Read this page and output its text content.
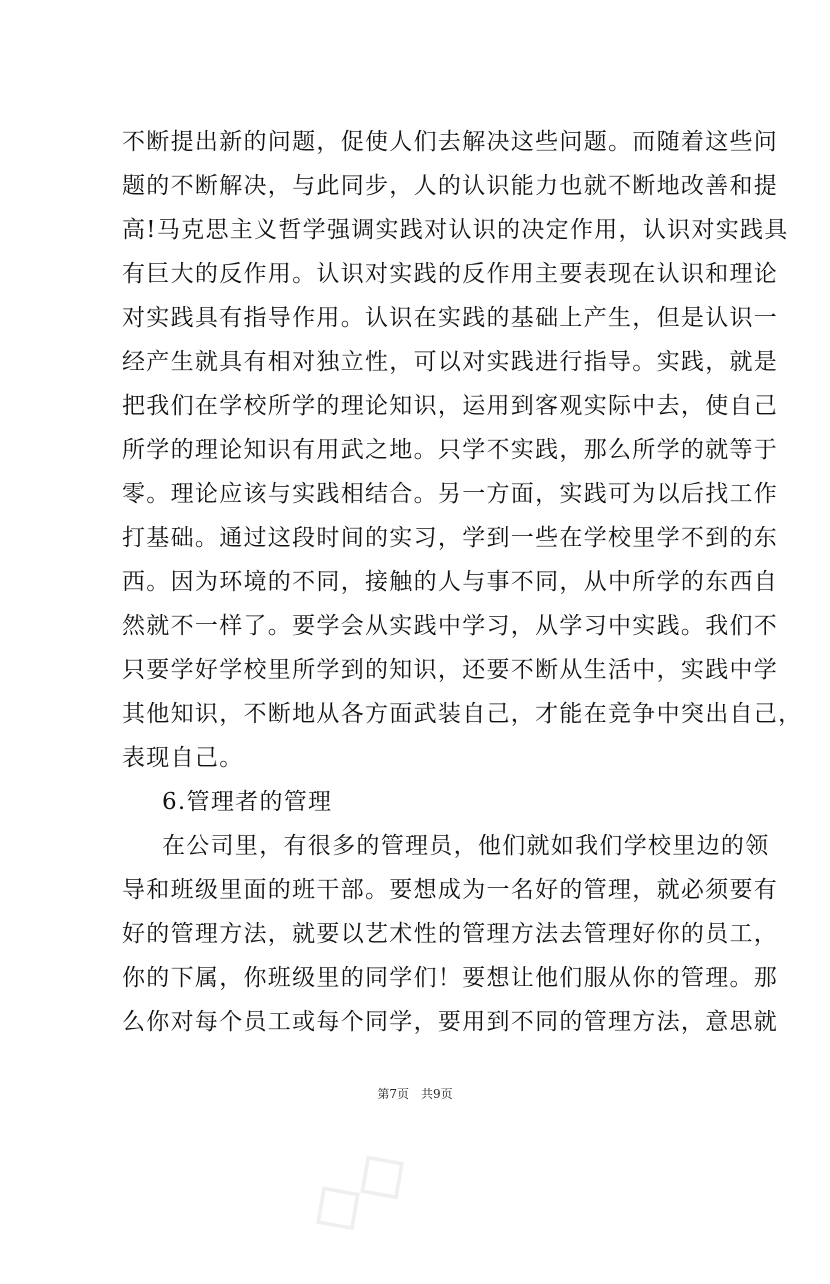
不断提出新的问题，促使人们去解决这些问题。而随着这些问
题的不断解决，与此同步，人的认识能力也就不断地改善和提
高!马克思主义哲学强调实践对认识的决定作用，认识对实践具
有巨大的反作用。认识对实践的反作用主要表现在认识和理论
对实践具有指导作用。认识在实践的基础上产生，但是认识一
经产生就具有相对独立性，可以对实践进行指导。实践，就是
把我们在学校所学的理论知识，运用到客观实际中去，使自己
所学的理论知识有用武之地。只学不实践，那么所学的就等于
零。理论应该与实践相结合。另一方面，实践可为以后找工作
打基础。通过这段时间的实习，学到一些在学校里学不到的东
西。因为环境的不同，接触的人与事不同，从中所学的东西自
然就不一样了。要学会从实践中学习，从学习中实践。我们不
只要学好学校里所学到的知识，还要不断从生活中，实践中学
其他知识，不断地从各方面武装自己，才能在竞争中突出自己，
表现自己。
6.管理者的管理
在公司里，有很多的管理员，他们就如我们学校里边的领
导和班级里面的班干部。要想成为一名好的管理，就必须要有
好的管理方法，就要以艺术性的管理方法去管理好你的员工，
你的下属，你班级里的同学们！要想让他们服从你的管理。那
么你对每个员工或每个同学，要用到不同的管理方法，意思就
第7页 共9页
◇◇
